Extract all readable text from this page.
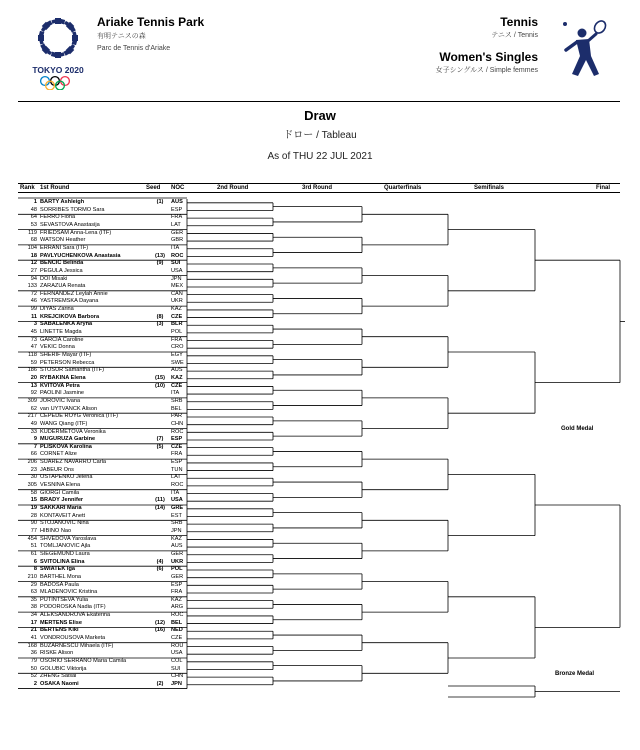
TOKYO 2020
Ariake Tennis Park
有明テニスの森
Parc de Tennis d'Ariake
Tennis
テニス / Tennis
Women's Singles
女子シングルス / Simple femmes
Draw
ドロー / Tableau
As of THU 22 JUL 2021
Rank 1st Round	Seed NOC	2nd Round	3rd Round	Quarterfinals	Semifinals	Final
1 BARTY Ashleigh	(1)	AUS
48 SORRIBES TORMO Sara	ESP
64 FERRO Fiona	FRA
53 SEVASTOVA Anastasija	LAT
119 FRIEDSAM Anna-Lena (ITF)	GER
68 WATSON Heather	GBR
104 ERRANI Sara (ITF)	ITA
18 PAVLYUCHENKOVA Anastasia	(13)	ROC
12 BENCIC Belinda	(9)	SUI
27 PEGULA Jessica	USA
94 DOI Misaki	JPN
133 ZARAZUA Renata	MEX
72 FERNANDEZ Leylah Annie	CAN
46 YASTREMSKA Dayana	UKR
99 DIYAS Zarina	KAZ
11 KREJCIKOVA Barbora	(8)	CZE
3 SABALENKA Aryna	(3)	BLR
45 LINETTE Magda	POL
73 GARCIA Caroline	FRA
47 VEKIC Donna	CRO
118 SHERIF Mayar (ITF)	EGY
59 PETERSON Rebecca	SWE
186 STOSUR Samantha (ITF)	AUS
20 RYBAKINA Elena	(15)	KAZ
13 KVITOVA Petra	(10)	CZE
92 PAOLINI Jasmine	ITA
309 JOROVIC Ivana	SRB
62 van UYTVANCK Alison	BEL
217 CEPEDE ROYG Veronica (ITF)	PAR
49 WANG Qiang (ITF)	CHN
33 KUDERMETOVA Veronika	ROC
9 MUGURUZA Garbine	(7)	ESP
7 PLISKOVA Karolina	(5)	CZE
66 CORNET Alize	FRA
206 SUAREZ NAVARRO Carla	ESP
23 JABEUR Ons	TUN
30 OSTAPENKO Jelena	LAT
305 VESNINA Elena	ROC
58 GIORGI Camila	ITA
15 BRADY Jennifer	(11)	USA
19 SAKKARI Maria	(14)	GRE
28 KONTAVEIT Anett	EST
90 STOJANOVIC Nina	SRB
77 HIBINO Nao	JPN
454 SHVEDOVA Yaroslava	KAZ
51 TOMLJANOVIC Ajla	AUS
61 SIEGEMUND Laura	GER
6 SVITOLINA Elina	(4)	UKR
8 SWIATEK Iga	(6)	POL
210 BARTHEL Mona	GER
29 BADOSA Paula	ESP
63 MLADENOVIC Kristina	FRA
35 PUTINTSEVA Yulia	KAZ
38 PODOROSKA Nadia (ITF)	ARG
34 ALEKSANDROVA Ekaterina	ROC
17 MERTENS Elise	(12)	BEL
21 BERTENS Kiki	(16)	NED
41 VONDROUSOVA Marketa	CZE
168 BUZARNESCU Mihaela (ITF)	ROU
36 RISKE Alison	USA
79 OSORIO SERRANO Maria Camila	COL
50 GOLUBIC Viktorija	SUI
52 ZHENG Saisai	CHN
2 OSAKA Naomi	(2)	JPN
Gold Medal
Bronze Medal
